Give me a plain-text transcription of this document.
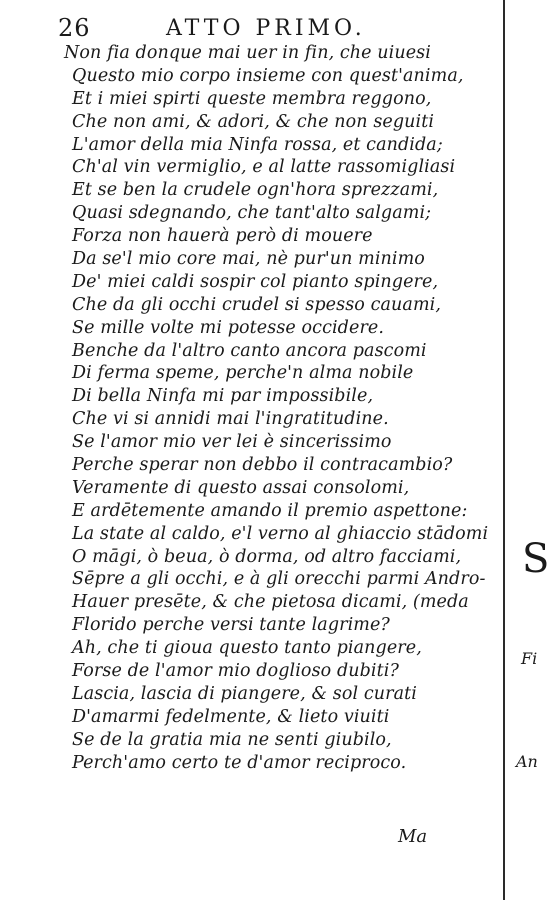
26	ATTO PRIMO.
Non fia donque mai uer in fin, che uiuesi
Questo mio corpo insieme con quest'anima,
Et i miei spirti queste membra reggono,
Che non ami, & adori, & che non seguiti
L'amor della mia Ninfa rossa, et candida;
Ch'al vin vermiglio, e al latte rassomigliasi
Et se ben la crudele ogn'hora sprezzami,
Quasi sdegnando, che tant'alto salgami;
Forza non hauerà però di mouere
Da se'l mio core mai, nè pur'un minimo
De' miei caldi sospir col pianto spingere,
Che da gli occhi crudel si spesso cauami,
Se mille volte mi potesse occidere.
Benche da l'altro canto ancora pascomi
Di ferma speme, perche'n alma nobile
Di bella Ninfa mi par impossibile,
Che vi si annidi mai l'ingratitudine.
Se l'amor mio ver lei è sincerissimo
Perche sperar non debbo il contracambio?
Veramente di questo assai consolomi,
E ardētemente amando il premio aspettone:
La state al caldo, e'l verno al ghiaccio stādomi
O māgi, ò beua, ò dorma, od altro facciami,
Sēpre a gli occhi, e à gli orecchi parmi Andro-
Hauer presēte, & che pietosa dicami, (meda
Florido perche versi tante lagrime?
Ah, che ti gioua questo tanto piangere,
Forse de l'amor mio doglioso dubiti?
Lascia, lascia di piangere, & sol curati
D'amarmi fedelmente, & lieto viuiti
Se de la gratia mia ne senti giubilo,
Perch'amo certo te d'amor reciproco.
Ma
S
Fi
An
